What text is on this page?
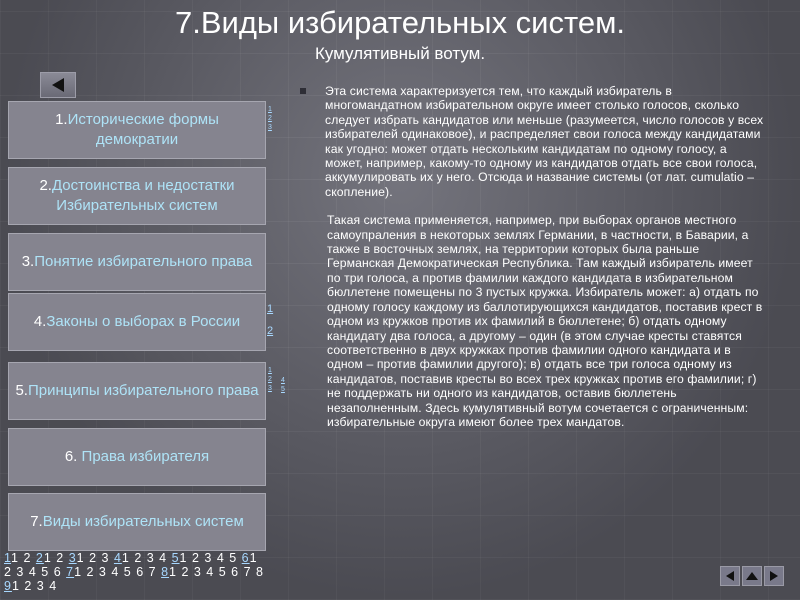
7.Виды избирательных систем.
Кумулятивный вотум.
1.Исторические формы демократии
2.Достоинства и недостатки Избирательных систем
3.Понятие избирательного права
4.Законы о выборах в России
5.Принципы избирательного права
6. Права избирателя
7.Виды избирательных систем
1
2
3
1
2
1
2
3
4
5

Эта система характеризуется тем, что каждый избиратель в многомандатном избирательном округе имеет столько голосов, сколько следует избрать кандидатов или меньше (разумеется, число голосов у всех избирателей одинаковое), и распределяет свои голоса между кандидатами как угодно: может отдать нескольким кандидатам по одному голосу, а может, например, какому-то одному из кандидатов отдать все свои голоса, аккумулировать их у него. Отсюда и название системы (от лат. cumulatio – скопление).

Такая система применяется, например, при выборах органов местного самоупраления в некоторых землях Германии, в частности, в Баварии, а также в восточных землях, на территории которых была раньше Германская Демократическая Республика. Там каждый избиратель имеет по три голоса, а против фамилии каждого кандидата в избирательном бюллетене помещены по 3 пустых кружка. Избиратель может: а) отдать по одному голосу каждому из баллотирующихся кандидатов, поставив крест в одном из кружков против их фамилий в бюллетене; б) отдать одному кандидату два голоса, а другому – один (в этом случае кресты ставятся соответственно в двух кружках против фамилии одного кандидата и в одном – против фамилии другого); в) отдать все три голоса одному из кандидатов, поставив кресты во всех трех кружках против его фамилии; г) не поддержать ни одного из кандидатов, оставив бюллетень незаполненным. Здесь кумулятивный вотум сочетается с ограниченным: избирательные округа имеют более трех мандатов.

11 2 21 2 31 2 3 41 2 3 4 51 2 3 4 5 61 2 3 4 5 6 71 2 3 4 5 6 7 81 2 3 4 5 6 7 8 91 2 3 4
